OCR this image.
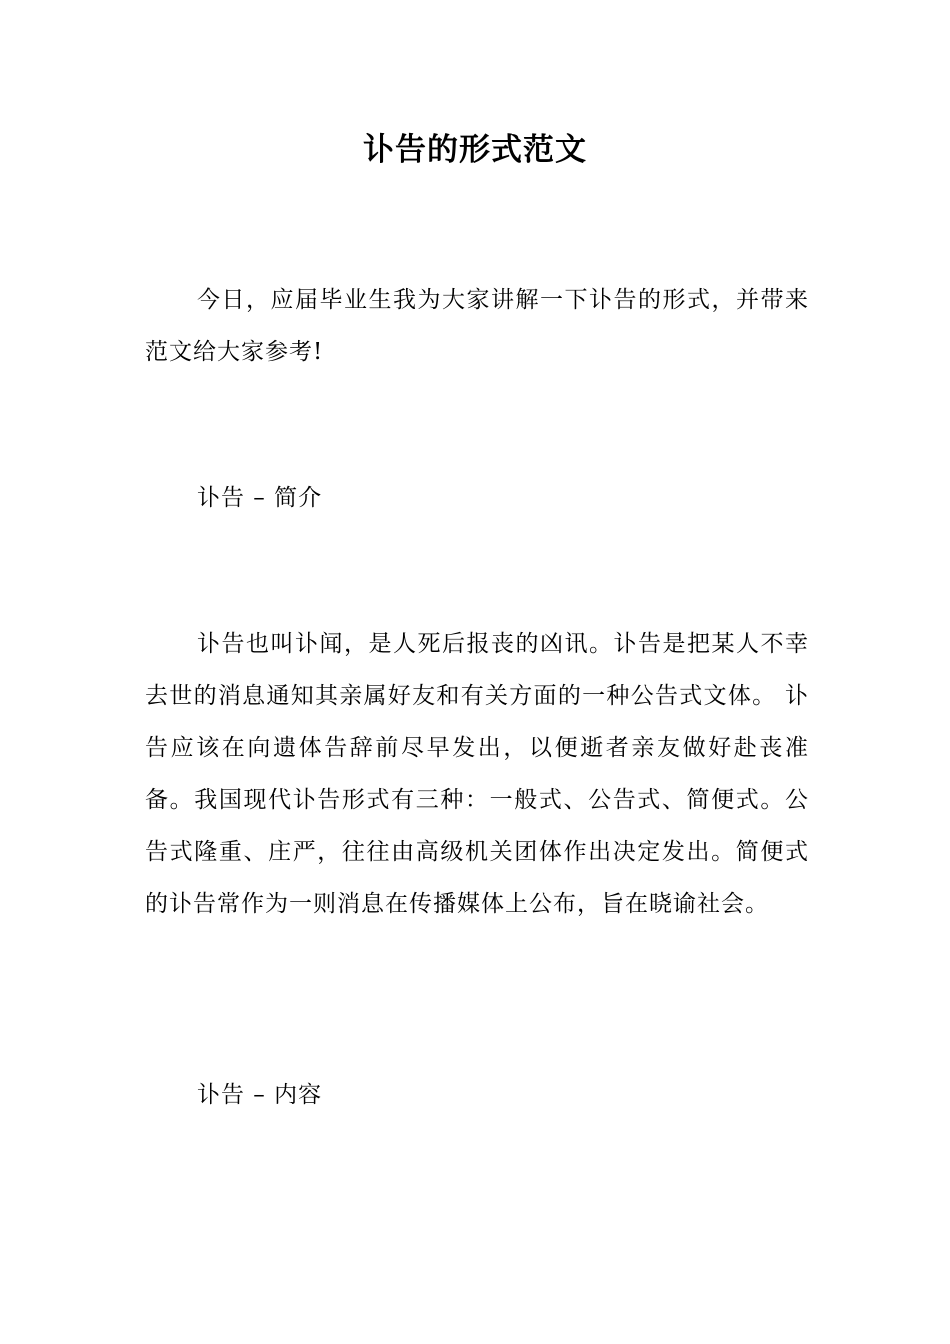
讣告的形式范文
今日，应届毕业生我为大家讲解一下讣告的形式，并带来范文给大家参考!
讣告 – 简介
讣告也叫讣闻，是人死后报丧的凶讯。讣告是把某人不幸去世的消息通知其亲属好友和有关方面的一种公告式文体。 讣告应该在向遗体告辞前尽早发出，以便逝者亲友做好赴丧准备。我国现代讣告形式有三种：一般式、公告式、简便式。公告式隆重、庄严，往往由高级机关团体作出决定发出。简便式的讣告常作为一则消息在传播媒体上公布，旨在晓谕社会。
讣告 – 内容
